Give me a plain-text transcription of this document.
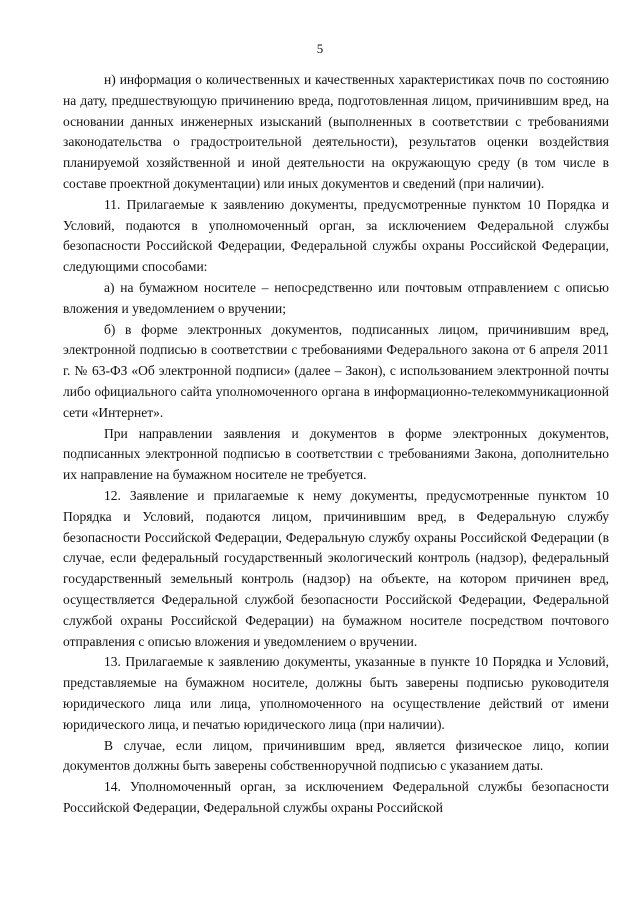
5

н) информация о количественных и качественных характеристиках почв по состоянию на дату, предшествующую причинению вреда, подготовленная лицом, причинившим вред, на основании данных инженерных изысканий (выполненных в соответствии с требованиями законодательства о градостроительной деятельности), результатов оценки воздействия планируемой хозяйственной и иной деятельности на окружающую среду (в том числе в составе проектной документации) или иных документов и сведений (при наличии).

11. Прилагаемые к заявлению документы, предусмотренные пунктом 10 Порядка и Условий, подаются в уполномоченный орган, за исключением Федеральной службы безопасности Российской Федерации, Федеральной службы охраны Российской Федерации, следующими способами:

а) на бумажном носителе – непосредственно или почтовым отправлением с описью вложения и уведомлением о вручении;

б) в форме электронных документов, подписанных лицом, причинившим вред, электронной подписью в соответствии с требованиями Федерального закона от 6 апреля 2011 г. № 63-ФЗ «Об электронной подписи» (далее – Закон), с использованием электронной почты либо официального сайта уполномоченного органа в информационно-телекоммуникационной сети «Интернет».

При направлении заявления и документов в форме электронных документов, подписанных электронной подписью в соответствии с требованиями Закона, дополнительно их направление на бумажном носителе не требуется.

12. Заявление и прилагаемые к нему документы, предусмотренные пунктом 10 Порядка и Условий, подаются лицом, причинившим вред, в Федеральную службу безопасности Российской Федерации, Федеральную службу охраны Российской Федерации (в случае, если федеральный государственный экологический контроль (надзор), федеральный государственный земельный контроль (надзор) на объекте, на котором причинен вред, осуществляется Федеральной службой безопасности Российской Федерации, Федеральной службой охраны Российской Федерации) на бумажном носителе посредством почтового отправления с описью вложения и уведомлением о вручении.

13. Прилагаемые к заявлению документы, указанные в пункте 10 Порядка и Условий, представляемые на бумажном носителе, должны быть заверены подписью руководителя юридического лица или лица, уполномоченного на осуществление действий от имени юридического лица, и печатью юридического лица (при наличии).

В случае, если лицом, причинившим вред, является физическое лицо, копии документов должны быть заверены собственноручной подписью с указанием даты.

14. Уполномоченный орган, за исключением Федеральной службы безопасности Российской Федерации, Федеральной службы охраны Российской
